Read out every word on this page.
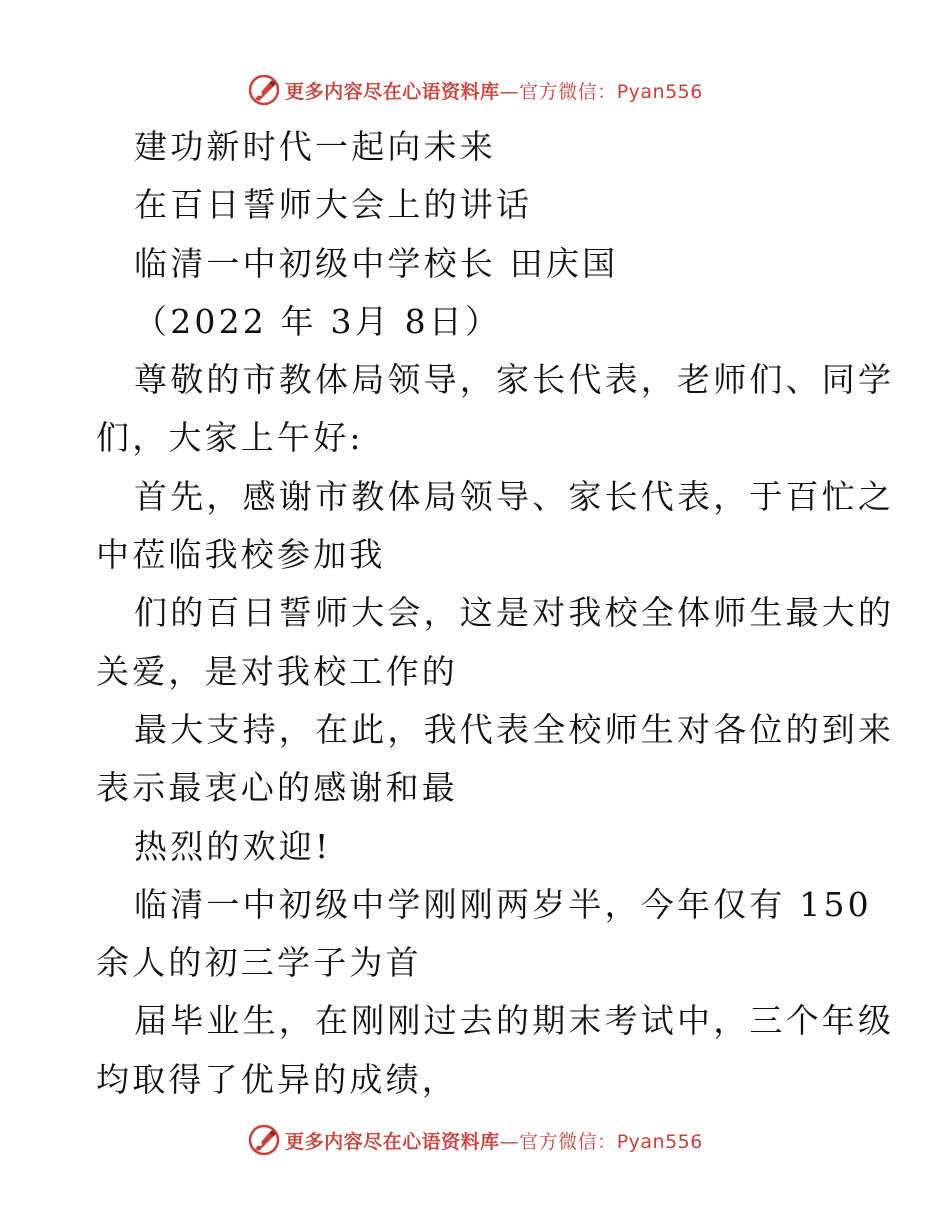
更多内容尽在心语资料库—官方微信：Pyan556
建功新时代一起向未来
在百日誓师大会上的讲话
临清一中初级中学校长 田庆国
（2022 年 3月 8日）
尊敬的市教体局领导，家长代表，老师们、同学
们，大家上午好:
首先，感谢市教体局领导、家长代表，于百忙之
中莅临我校参加我
们的百日誓师大会，这是对我校全体师生最大的
关爱，是对我校工作的
最大支持，在此，我代表全校师生对各位的到来
表示最衷心的感谢和最
热烈的欢迎!
临清一中初级中学刚刚两岁半，今年仅有 150
余人的初三学子为首
届毕业生，在刚刚过去的期末考试中，三个年级
均取得了优异的成绩，
更多内容尽在心语资料库—官方微信：Pyan556
